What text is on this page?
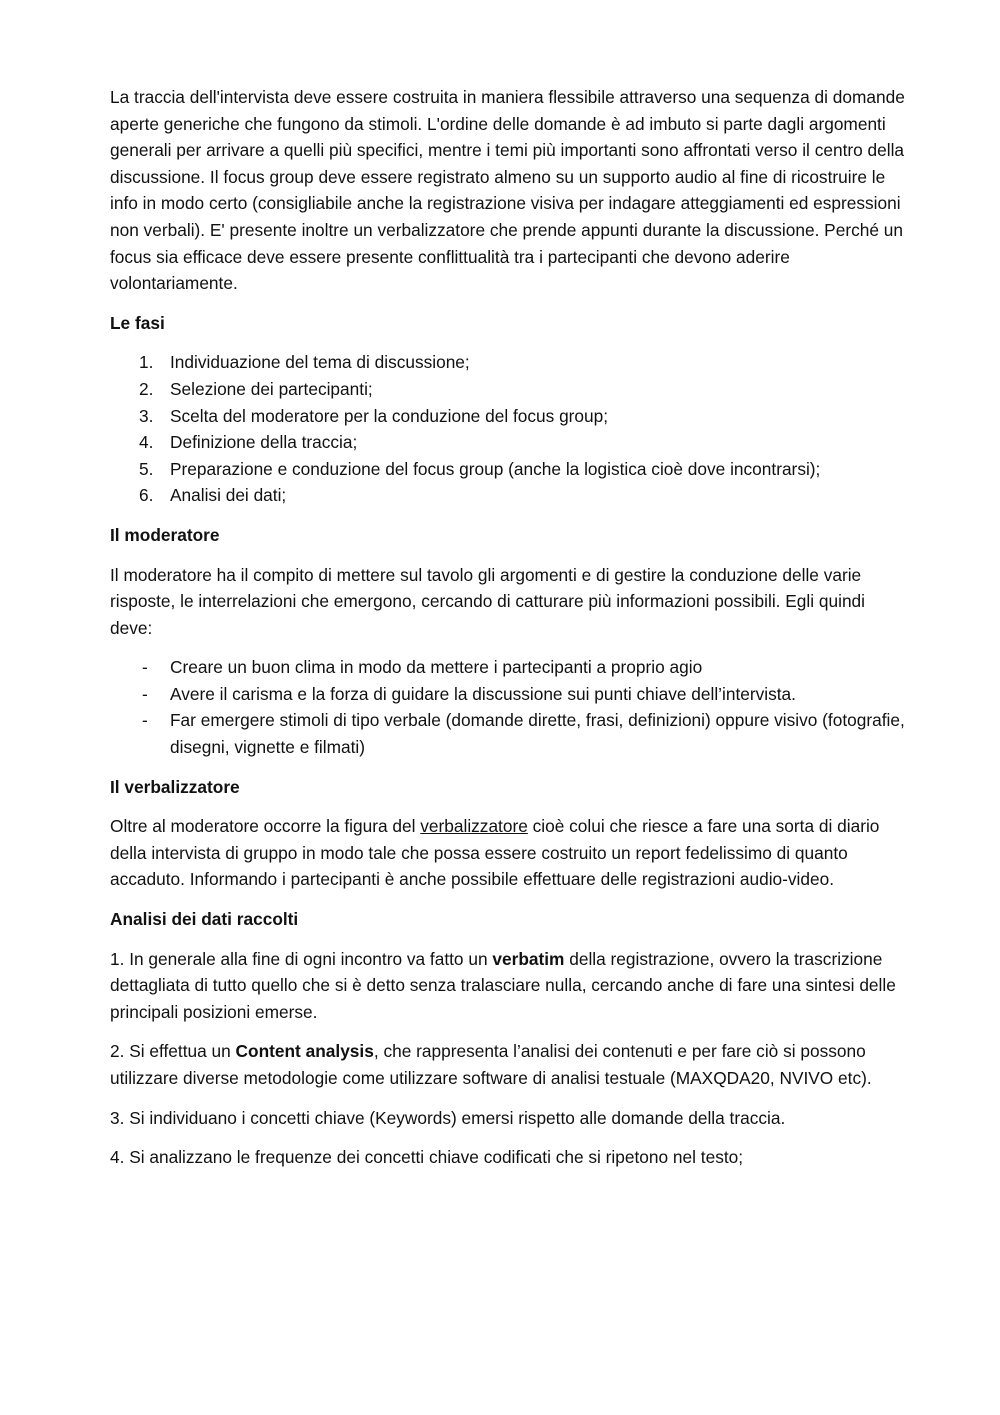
La traccia dell'intervista deve essere costruita in maniera flessibile attraverso una sequenza di domande aperte generiche che fungono da stimoli. L'ordine delle domande è ad imbuto si parte dagli argomenti generali per arrivare a quelli più specifici, mentre i temi più importanti sono affrontati verso il centro della discussione. Il focus group deve essere registrato almeno su un supporto audio al fine di ricostruire le info in modo certo (consigliabile anche la registrazione visiva per indagare atteggiamenti ed espressioni non verbali). E' presente inoltre un verbalizzatore che prende appunti durante la discussione. Perché un focus sia efficace deve essere presente conflittualità tra i partecipanti che devono aderire volontariamente.

Le fasi
1. Individuazione del tema di discussione;
2. Selezione dei partecipanti;
3. Scelta del moderatore per la conduzione del focus group;
4. Definizione della traccia;
5. Preparazione e conduzione del focus group (anche la logistica cioè dove incontrarsi);
6. Analisi dei dati;
Il moderatore

Il moderatore ha il compito di mettere sul tavolo gli argomenti e di gestire la conduzione delle varie risposte, le interrelazioni che emergono, cercando di catturare più informazioni possibili. Egli quindi deve:

- Creare un buon clima in modo da mettere i partecipanti a proprio agio
- Avere il carisma e la forza di guidare la discussione sui punti chiave dell’intervista.
- Far emergere stimoli di tipo verbale (domande dirette, frasi, definizioni) oppure visivo (fotografie, disegni, vignette e filmati)
Il verbalizzatore

Oltre al moderatore occorre la figura del verbalizzatore cioè colui che riesce a fare una sorta di diario della intervista di gruppo in modo tale che possa essere costruito un report fedelissimo di quanto accaduto. Informando i partecipanti è anche possibile effettuare delle registrazioni audio-video.

Analisi dei dati raccolti

1. In generale alla fine di ogni incontro va fatto un verbatim della registrazione, ovvero la trascrizione dettagliata di tutto quello che si è detto senza tralasciare nulla, cercando anche di fare una sintesi delle principali posizioni emerse.

2. Si effettua un Content analysis, che rappresenta l’analisi dei contenuti e per fare ciò si possono utilizzare diverse metodologie come utilizzare software di analisi testuale (MAXQDA20, NVIVO etc).

3. Si individuano i concetti chiave (Keywords) emersi rispetto alle domande della traccia.

4. Si analizzano le frequenze dei concetti chiave codificati che si ripetono nel testo;
